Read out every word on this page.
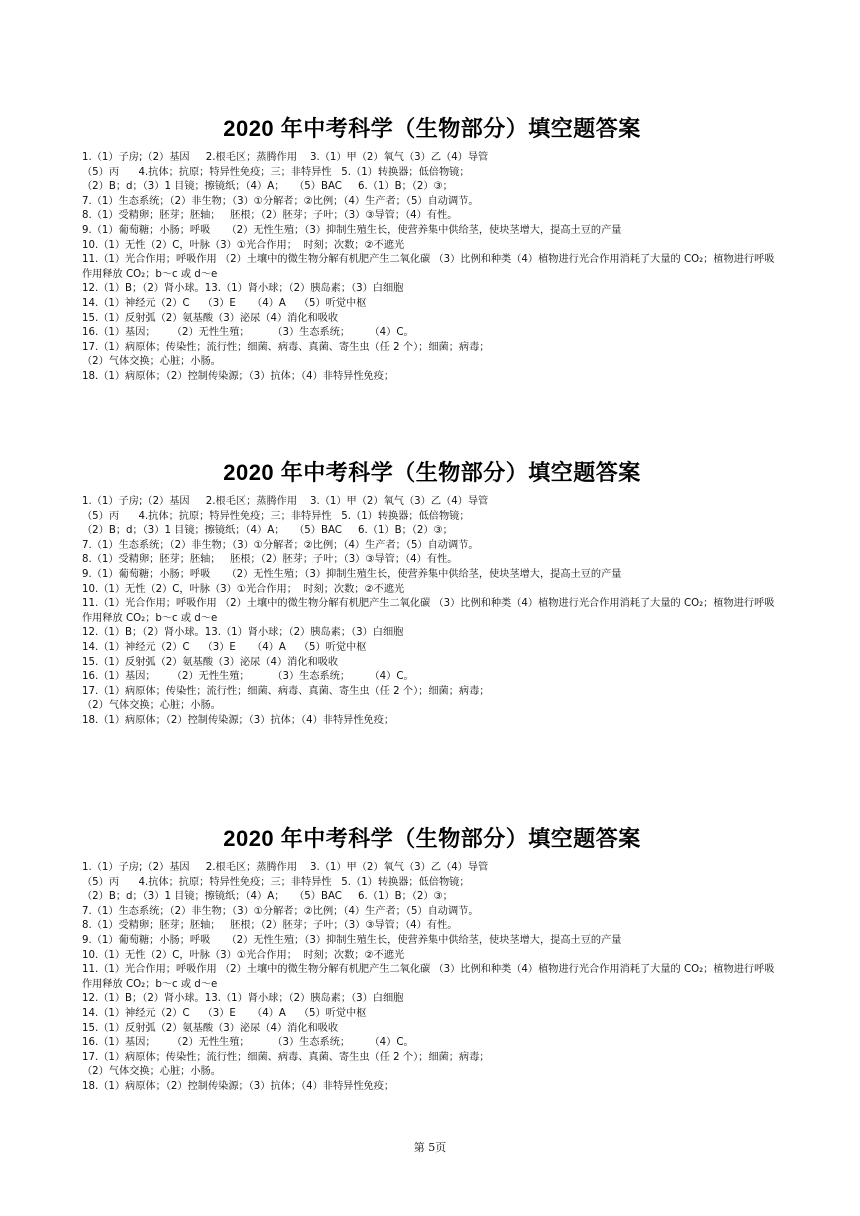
2020 年中考科学（生物部分）填空题答案

1.（1）子房;（2）基因     2.根毛区；蒸腾作用    3.（1）甲（2）氧气（3）乙（4）导管

（5）丙      4.抗体；抗原；特异性免疫；三；非特异性   5.（1）转换器；低倍物镜；

（2）B；d；（3）1 目镜；擦镜纸；（4）A；   （5）BAC     6.（1）B；（2）③；

7.（1）生态系统；（2）非生物；（3）①分解者；②比例；（4）生产者；（5）自动调节。

8.（1）受精卵；胚芽；胚轴；   胚根；（2）胚芽；子叶；（3）③导管；（4）有性。

9.（1）葡萄糖；小肠；呼吸     （2）无性生殖；（3）抑制生殖生长，使营养集中供给茎，使块茎增大，提高土豆的产量

10.（1）无性（2）C，叶脉（3）①光合作用；  时刻；次数；②不遮光

11.（1）光合作用；呼吸作用 （2）土壤中的微生物分解有机肥产生二氧化碳 （3）比例和种类（4）植物进行光合作用消耗了大量的 CO₂；植物进行呼吸作用释放 CO₂；b～c 或 d～e

12.（1）B；（2）肾小球。13.（1）肾小球；（2）胰岛素；（3）白细胞

14.（1）神经元（2）C    （3）E     （4）A    （5）听觉中枢

15.（1）反射弧（2）氨基酸（3）泌尿（4）消化和吸收

16.（1）基因；     （2）无性生殖；       （3）生态系统；      （4）C。

17.（1）病原体；传染性；流行性；细菌、病毒、真菌、寄生虫（任 2 个）；细菌；病毒；

（2）气体交换；心脏；小肠。

18.（1）病原体；（2）控制传染源；（3）抗体；（4）非特异性免疫；

2020 年中考科学（生物部分）填空题答案

1.（1）子房;（2）基因     2.根毛区；蒸腾作用    3.（1）甲（2）氧气（3）乙（4）导管

（5）丙      4.抗体；抗原；特异性免疫；三；非特异性   5.（1）转换器；低倍物镜；

（2）B；d；（3）1 目镜；擦镜纸；（4）A；   （5）BAC     6.（1）B；（2）③；

7.（1）生态系统；（2）非生物；（3）①分解者；②比例；（4）生产者；（5）自动调节。

8.（1）受精卵；胚芽；胚轴；   胚根；（2）胚芽；子叶；（3）③导管；（4）有性。

9.（1）葡萄糖；小肠；呼吸     （2）无性生殖；（3）抑制生殖生长，使营养集中供给茎，使块茎增大，提高土豆的产量

10.（1）无性（2）C，叶脉（3）①光合作用；  时刻；次数；②不遮光

11.（1）光合作用；呼吸作用 （2）土壤中的微生物分解有机肥产生二氧化碳 （3）比例和种类（4）植物进行光合作用消耗了大量的 CO₂；植物进行呼吸作用释放 CO₂；b～c 或 d～e

12.（1）B；（2）肾小球。13.（1）肾小球；（2）胰岛素；（3）白细胞

14.（1）神经元（2）C    （3）E     （4）A    （5）听觉中枢

15.（1）反射弧（2）氨基酸（3）泌尿（4）消化和吸收

16.（1）基因；     （2）无性生殖；       （3）生态系统；      （4）C。

17.（1）病原体；传染性；流行性；细菌、病毒、真菌、寄生虫（任 2 个）；细菌；病毒；

（2）气体交换；心脏；小肠。

18.（1）病原体；（2）控制传染源；（3）抗体；（4）非特异性免疫；

2020 年中考科学（生物部分）填空题答案

1.（1）子房;（2）基因     2.根毛区；蒸腾作用    3.（1）甲（2）氧气（3）乙（4）导管

（5）丙      4.抗体；抗原；特异性免疫；三；非特异性   5.（1）转换器；低倍物镜；

（2）B；d；（3）1 目镜；擦镜纸；（4）A；   （5）BAC     6.（1）B；（2）③；

7.（1）生态系统；（2）非生物；（3）①分解者；②比例；（4）生产者；（5）自动调节。

8.（1）受精卵；胚芽；胚轴；   胚根；（2）胚芽；子叶；（3）③导管；（4）有性。

9.（1）葡萄糖；小肠；呼吸     （2）无性生殖；（3）抑制生殖生长，使营养集中供给茎，使块茎增大，提高土豆的产量

10.（1）无性（2）C，叶脉（3）①光合作用；  时刻；次数；②不遮光

11.（1）光合作用；呼吸作用 （2）土壤中的微生物分解有机肥产生二氧化碳 （3）比例和种类（4）植物进行光合作用消耗了大量的 CO₂；植物进行呼吸作用释放 CO₂；b～c 或 d～e

12.（1）B；（2）肾小球。13.（1）肾小球；（2）胰岛素；（3）白细胞

14.（1）神经元（2）C    （3）E     （4）A    （5）听觉中枢

15.（1）反射弧（2）氨基酸（3）泌尿（4）消化和吸收

16.（1）基因；     （2）无性生殖；       （3）生态系统；      （4）C。

17.（1）病原体；传染性；流行性；细菌、病毒、真菌、寄生虫（任 2 个）；细菌；病毒；

（2）气体交换；心脏；小肠。

18.（1）病原体；（2）控制传染源；（3）抗体；（4）非特异性免疫；

第 5页
